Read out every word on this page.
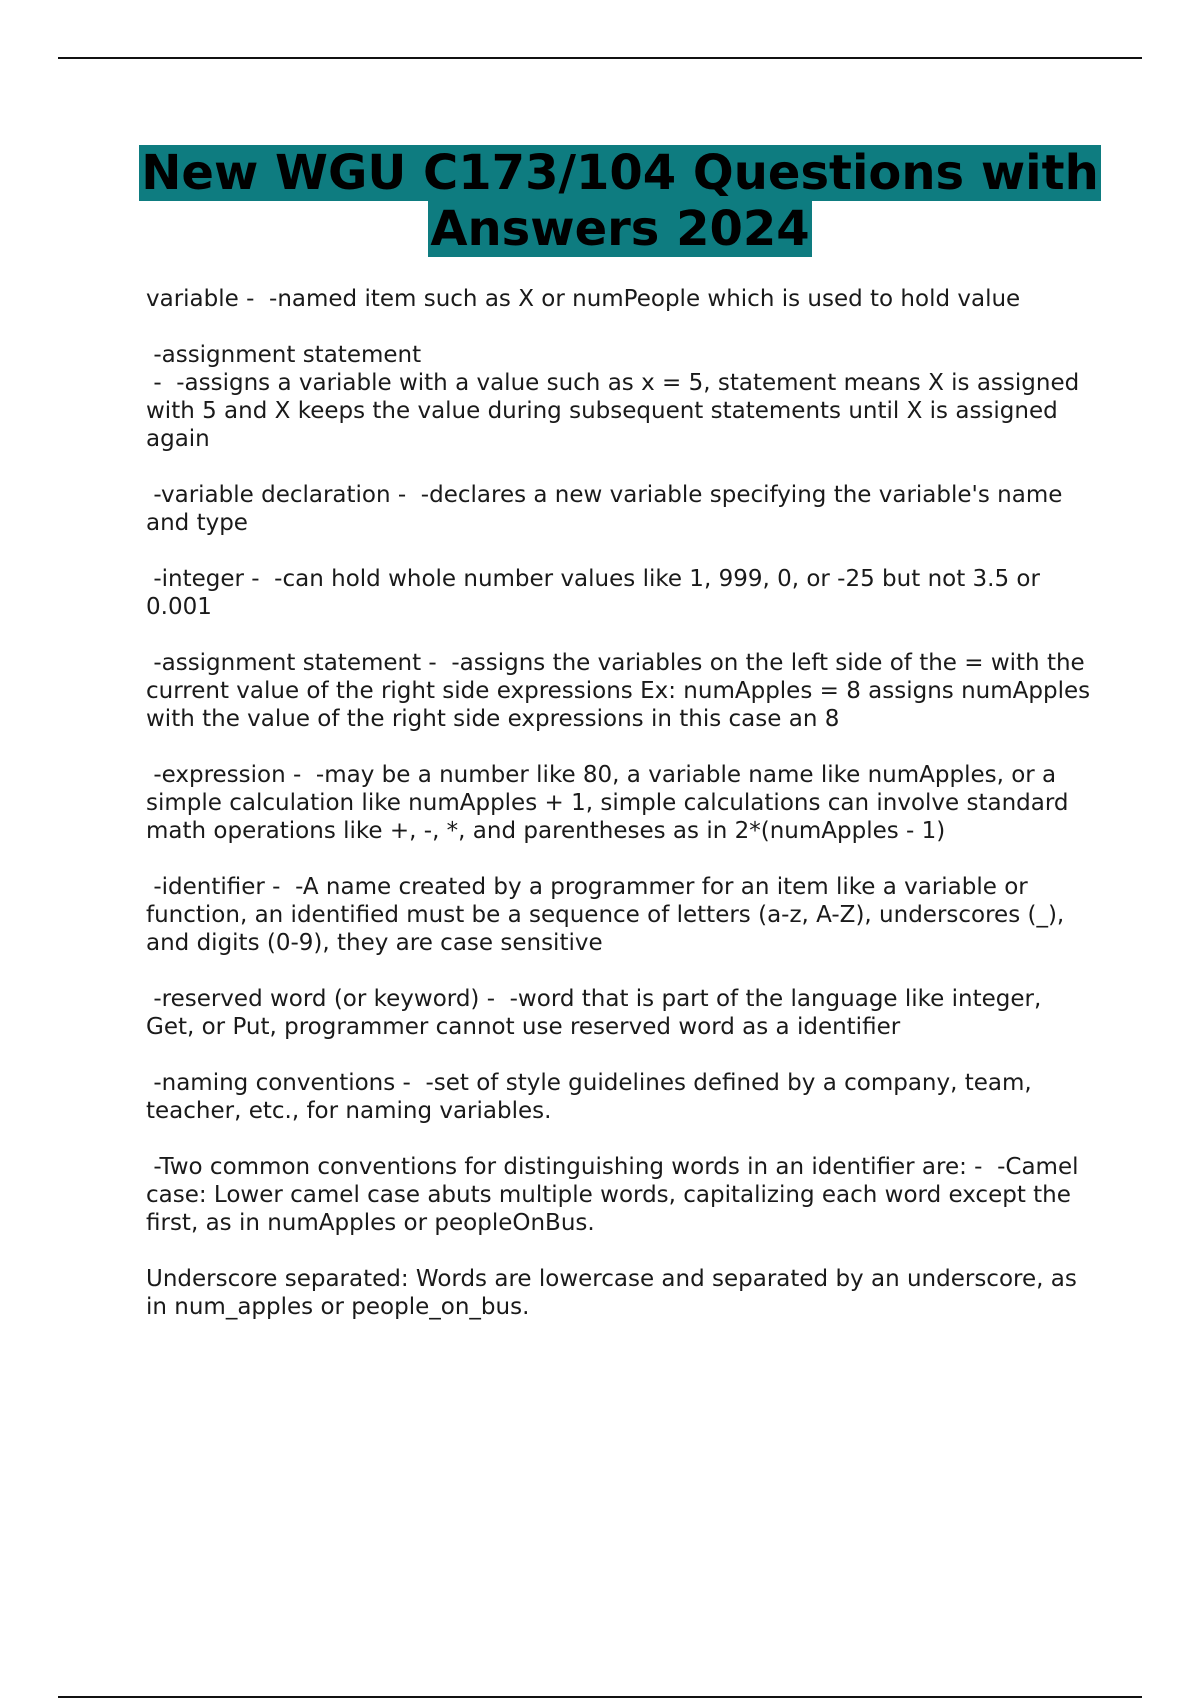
New WGU C173/104 Questions with Answers 2024

variable -  -named item such as X or numPeople which is used to hold value

-assignment statement
-  -assigns a variable with a value such as x = 5, statement means X is assigned with 5 and X keeps the value during subsequent statements until X is assigned again

-variable declaration -  -declares a new variable specifying the variable's name and type

-integer -  -can hold whole number values like 1, 999, 0, or -25 but not 3.5 or 0.001

-assignment statement -  -assigns the variables on the left side of the = with the current value of the right side expressions Ex: numApples = 8 assigns numApples with the value of the right side expressions in this case an 8

-expression -  -may be a number like 80, a variable name like numApples, or a simple calculation like numApples + 1, simple calculations can involve standard math operations like +, -, *, and parentheses as in 2*(numApples - 1)

-identifier -  -A name created by a programmer for an item like a variable or function, an identified must be a sequence of letters (a-z, A-Z), underscores (_), and digits (0-9), they are case sensitive

-reserved word (or keyword) -  -word that is part of the language like integer, Get, or Put, programmer cannot use reserved word as a identifier

-naming conventions -  -set of style guidelines defined by a company, team, teacher, etc., for naming variables.

-Two common conventions for distinguishing words in an identifier are: -  -Camel case: Lower camel case abuts multiple words, capitalizing each word except the first, as in numApples or peopleOnBus.

Underscore separated: Words are lowercase and separated by an underscore, as in num_apples or people_on_bus.
